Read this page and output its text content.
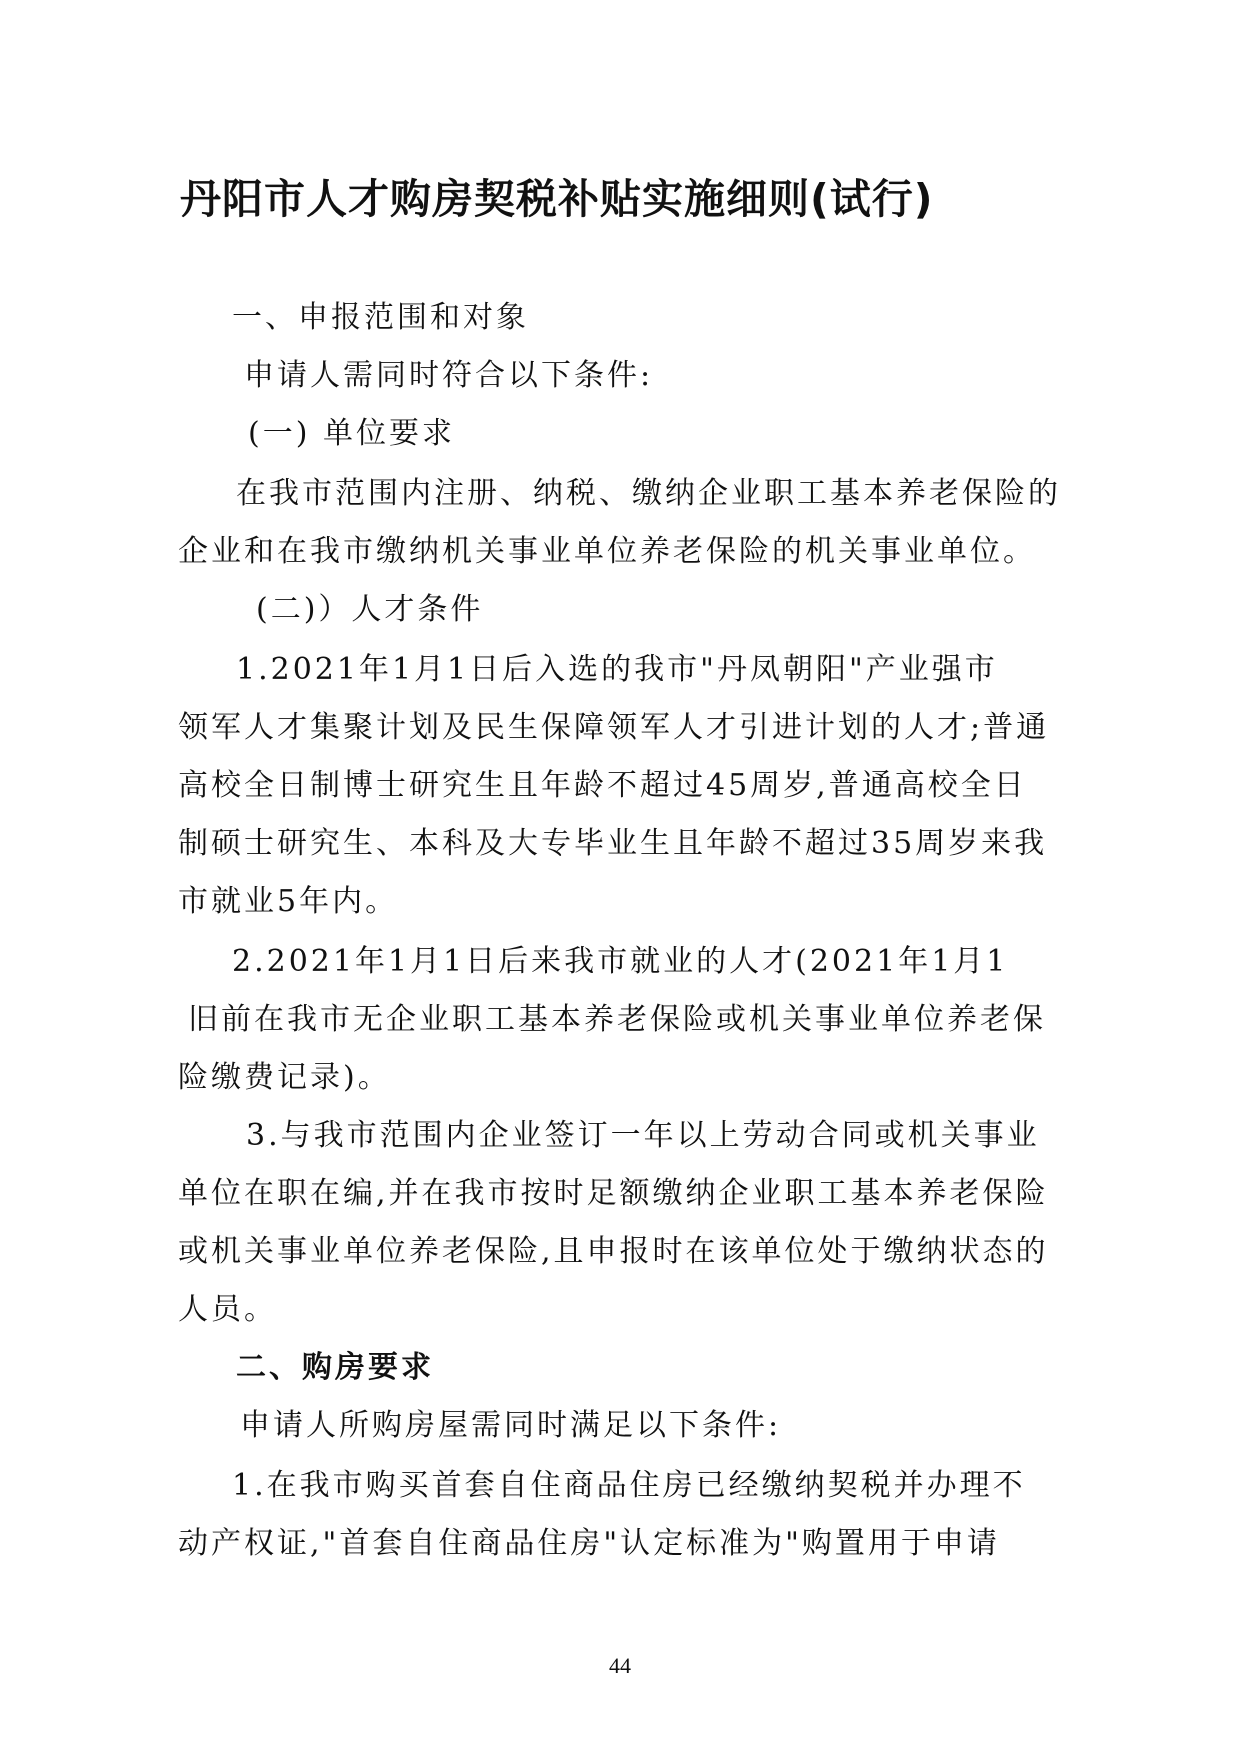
丹阳市人才购房契税补贴实施细则(试行)
一、申报范围和对象
申请人需同时符合以下条件:
(一) 单位要求
在我市范围内注册、纳税、缴纳企业职工基本养老保险的
企业和在我市缴纳机关事业单位养老保险的机关事业单位。
(二)）人才条件
1.2021年1月1日后入选的我市"丹凤朝阳"产业强市
领军人才集聚计划及民生保障领军人才引进计划的人才;普通
高校全日制博士研究生且年龄不超过45周岁,普通高校全日
制硕士研究生、本科及大专毕业生且年龄不超过35周岁来我
市就业5年内。
2.2021年1月1日后来我市就业的人才(2021年1月1
旧前在我市无企业职工基本养老保险或机关事业单位养老保
险缴费记录)。
3.与我市范围内企业签订一年以上劳动合同或机关事业
单位在职在编,并在我市按时足额缴纳企业职工基本养老保险
或机关事业单位养老保险,且申报时在该单位处于缴纳状态的
人员。
二、购房要求
申请人所购房屋需同时满足以下条件:
1.在我市购买首套自住商品住房已经缴纳契税并办理不
动产权证,"首套自住商品住房"认定标准为"购置用于申请
44
